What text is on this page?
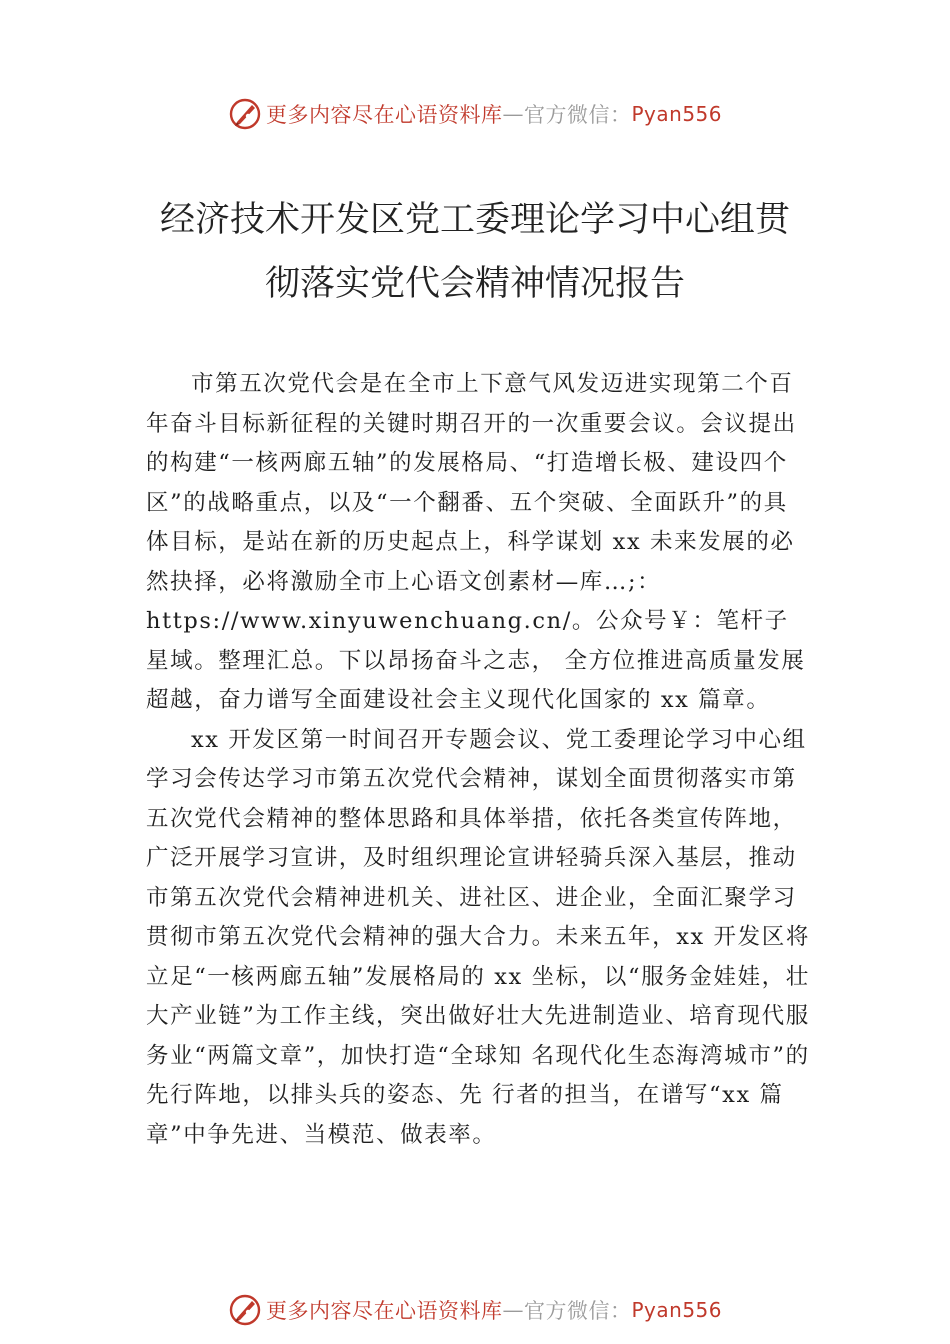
更多内容尽在心语资料库 — 官方微信： Pyan556
经济技术开发区党工委理论学习中心组贯
彻落实党代会精神情况报告

市第五次党代会是在全市上下意气风发迈进实现第二个百年奋斗目标新征程的关键时期召开的一次重要会议。会议提出的构建“一核两廊五轴”的发展格局、“打造增长极、建设四个区”的战略重点，以及“一个翻番、五个突破、全面跃升”的具体目标，是站在新的历史起点上，科学谋划 xx 未来发展的必然抉择，必将激励全市上心语文创素材—库…;：https://www.xinyuwenchuang.cn/。公众号￥：笔杆子星域。整理汇总。下以昂扬奋斗之志， 全方位推进高质量发展超越，奋力谱写全面建设社会主义现代化国家的 xx 篇章。

xx 开发区第一时间召开专题会议、党工委理论学习中心组学习会传达学习市第五次党代会精神，谋划全面贯彻落实市第五次党代会精神的整体思路和具体举措，依托各类宣传阵地，广泛开展学习宣讲，及时组织理论宣讲轻骑兵深入基层，推动市第五次党代会精神进机关、进社区、进企业，全面汇聚学习贯彻市第五次党代会精神的强大合力。未来五年，xx 开发区将立足“一核两廊五轴”发展格局的 xx 坐标，以“服务金娃娃，壮大产业链”为工作主线，突出做好壮大先进制造业、培育现代服务业“两篇文章”，加快打造“全球知 名现代化生态海湾城市”的先行阵地，以排头兵的姿态、先 行者的担当，在谱写“xx 篇章”中争先进、当模范、做表率。

更多内容尽在心语资料库 — 官方微信： Pyan556
